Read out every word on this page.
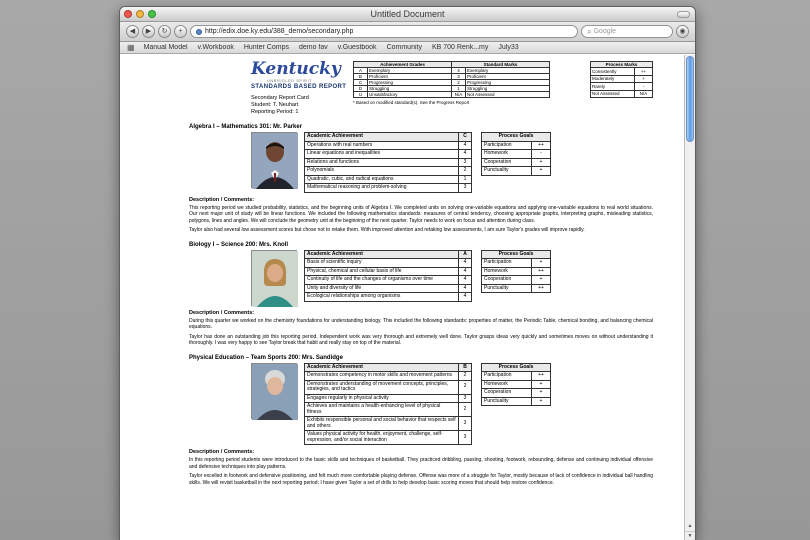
Untitled Document
◀	▶	↻	+	http://edix.doe.ky.edu/388_demo/secondary.php	⌕ Google	◉
▦ Manual Model v.Workbook Hunter Comps demo fav v.Guestbook Community KB 700 Renk...my July33
Kentucky
UNBRIDLED SPIRIT
STANDARDS BASED REPORT
Secondary Report Card
Student: T. Neuhart
Reporting Period: 1
Achievement Grades	
A	Exemplary
B	Proficient
C	Progressing
D	Struggling
U	Unsatisfactory
Standard Marks	
4	Exemplary
3	Proficient
2	Progressing
1	Struggling
N/A	Not Assessed
Process Marks	
Consistently	++
Moderately	+
Rarely	-
Not Assessed	N/A
* Based on modified standard(s). See the Progress Report
Algebra I – Mathematics 301: Mr. Parker
Academic Achievement	C
Operations with real numbers	4
Linear equations and inequalities	4
Relations and functions	3
Polynomials	2
Quadratic, cubic, and radical equations	1
Mathematical reasoning and problem-solving	3
Process Goals	
Participation	++
Homework	-
Cooperation	+
Punctuality	+
Description / Comments:

This reporting period we studied probability, statistics, and the beginning units of Algebra I. We completed units on solving one-variable equations and applying one-variable equations to real world situations. Our next major unit of study will be linear functions. We included the following mathematics standards: measures of central tendency, choosing appropriate graphs, interpreting graphs, misleading statistics, polygons, lines and angles. We will conclude the geometry unit at the beginning of the next quarter. Taylor needs to work on focus and attention during class.

Taylor also had several low assessment scores but chose not to retake them. With improved attention and retaking low assessments, I am sure Taylor's grades will improve rapidly.

Biology I – Science 200: Mrs. Knoll
Academic Achievement	A
Basis of scientific inquiry	4
Physical, chemical and cellular basis of life	4
Continuity of life and the changes of organisms over time	4
Unity and diversity of life	4
Ecological relationships among organisms	4
Process Goals	
Participation	+
Homework	++
Cooperation	+
Punctuality	++
Description / Comments:

During this quarter we worked on the chemistry foundations for understanding biology. This included the following standards: properties of matter, the Periodic Table, chemical bonding, and balancing chemical equations.

Taylor has done an outstanding job this reporting period. Independent work was very thorough and extremely well done. Taylor grasps ideas very quickly and sometimes moves on without understanding it thoroughly. I was very happy to see Taylor break that habit and really stay on top of the material.

Physical Education – Team Sports 200: Mrs. Sandidge
Academic Achievement	B
Demonstrates competency in motor skills and movement patterns	2
Demonstrates understanding of movement concepts, principles, strategies, and tactics	2
Engages regularly in physical activity	3
Achieves and maintains a health-enhancing level of physical fitness	2
Exhibits responsible personal and social behavior that respects self and others	3
Values physical activity for health, enjoyment, challenge, self-expression, and/or social interaction	3
Process Goals	
Participation	++
Homework	+
Cooperation	+
Punctuality	+
Description / Comments:

In this reporting period students were introduced to the basic skills and techniques of basketball. They practiced dribbling, passing, shooting, footwork, rebounding, defense and continuing individual offensive and defensive techniques into play patterns.

Taylor excelled in footwork and defensive positioning, and felt much more comfortable playing defense. Offense was more of a struggle for Taylor, mostly because of lack of confidence in individual ball handling skills. We will revisit basketball in the next reporting period; I have given Taylor a set of drills to help develop basic scoring moves that should help restore confidence.

▲
▼
